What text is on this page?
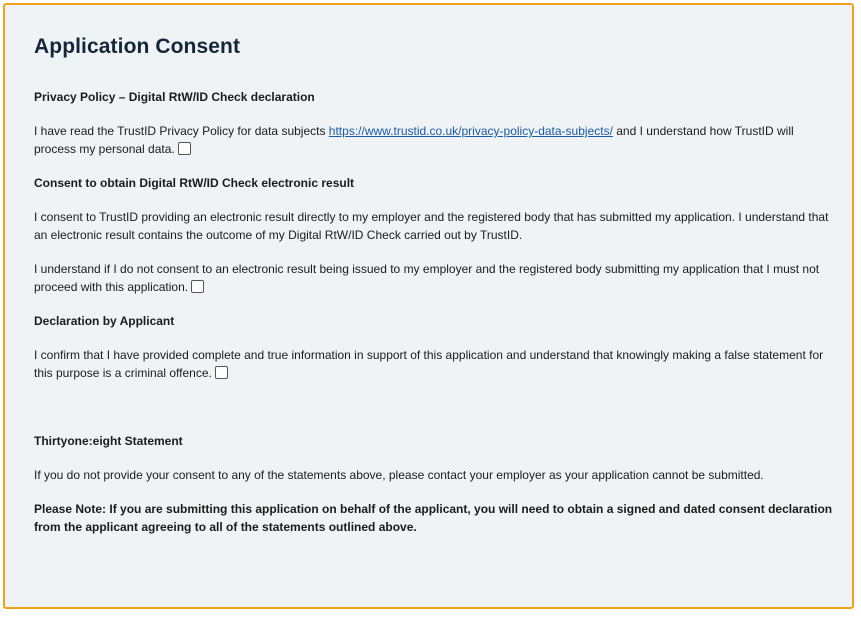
Application Consent
Privacy Policy – Digital RtW/ID Check declaration

I have read the TrustID Privacy Policy for data subjects https://www.trustid.co.uk/privacy-policy-data-subjects/ and I understand how TrustID will process my personal data.

Consent to obtain Digital RtW/ID Check electronic result

I consent to TrustID providing an electronic result directly to my employer and the registered body that has submitted my application. I understand that an electronic result contains the outcome of my Digital RtW/ID Check carried out by TrustID.

I understand if I do not consent to an electronic result being issued to my employer and the registered body submitting my application that I must not proceed with this application.

Declaration by Applicant

I confirm that I have provided complete and true information in support of this application and understand that knowingly making a false statement for this purpose is a criminal offence.

Thirtyone:eight Statement

If you do not provide your consent to any of the statements above, please contact your employer as your application cannot be submitted.

Please Note: If you are submitting this application on behalf of the applicant, you will need to obtain a signed and dated consent declaration from the applicant agreeing to all of the statements outlined above.
